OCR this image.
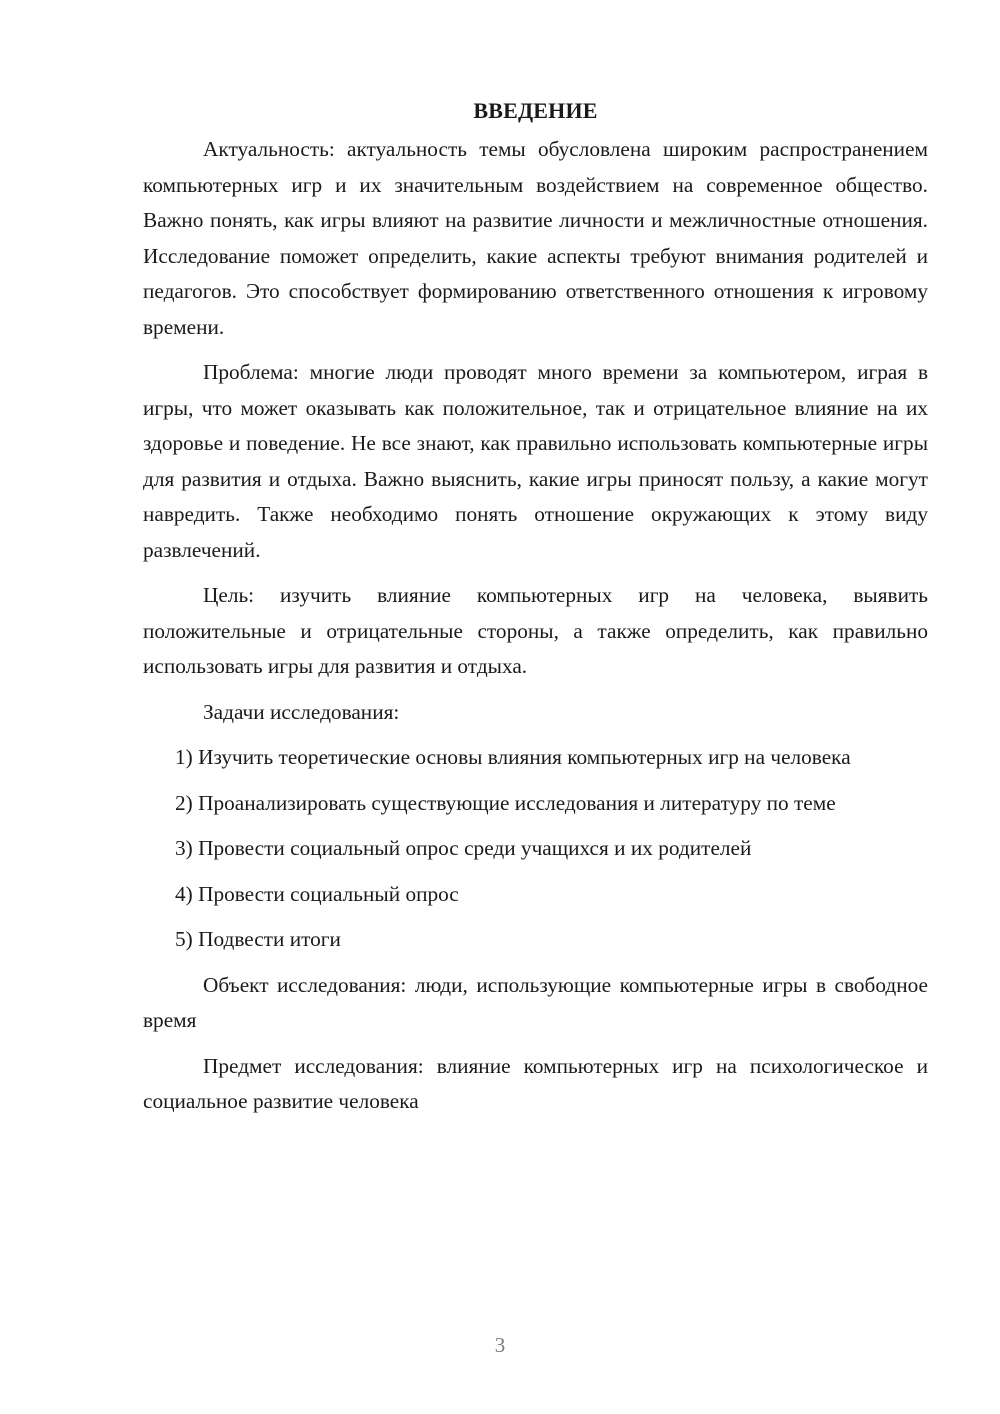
ВВЕДЕНИЕ

Актуальность: актуальность темы обусловлена широким распространением компьютерных игр и их значительным воздействием на современное общество. Важно понять, как игры влияют на развитие личности и межличностные отношения. Исследование поможет определить, какие аспекты требуют внимания родителей и педагогов. Это способствует формированию ответственного отношения к игровому времени.

Проблема: многие люди проводят много времени за компьютером, играя в игры, что может оказывать как положительное, так и отрицательное влияние на их здоровье и поведение. Не все знают, как правильно использовать компьютерные игры для развития и отдыха. Важно выяснить, какие игры приносят пользу, а какие могут навредить. Также необходимо понять отношение окружающих к этому виду развлечений.

Цель: изучить влияние компьютерных игр на человека, выявить положительные и отрицательные стороны, а также определить, как правильно использовать игры для развития и отдыха.

Задачи исследования:

1) Изучить теоретические основы влияния компьютерных игр на человека

2) Проанализировать существующие исследования и литературу по теме

3) Провести социальный опрос среди учащихся и их родителей

4) Провести социальный опрос

5) Подвести итоги

Объект исследования: люди, использующие компьютерные игры в свободное время

Предмет исследования: влияние компьютерных игр на психологическое и социальное развитие человека

3
